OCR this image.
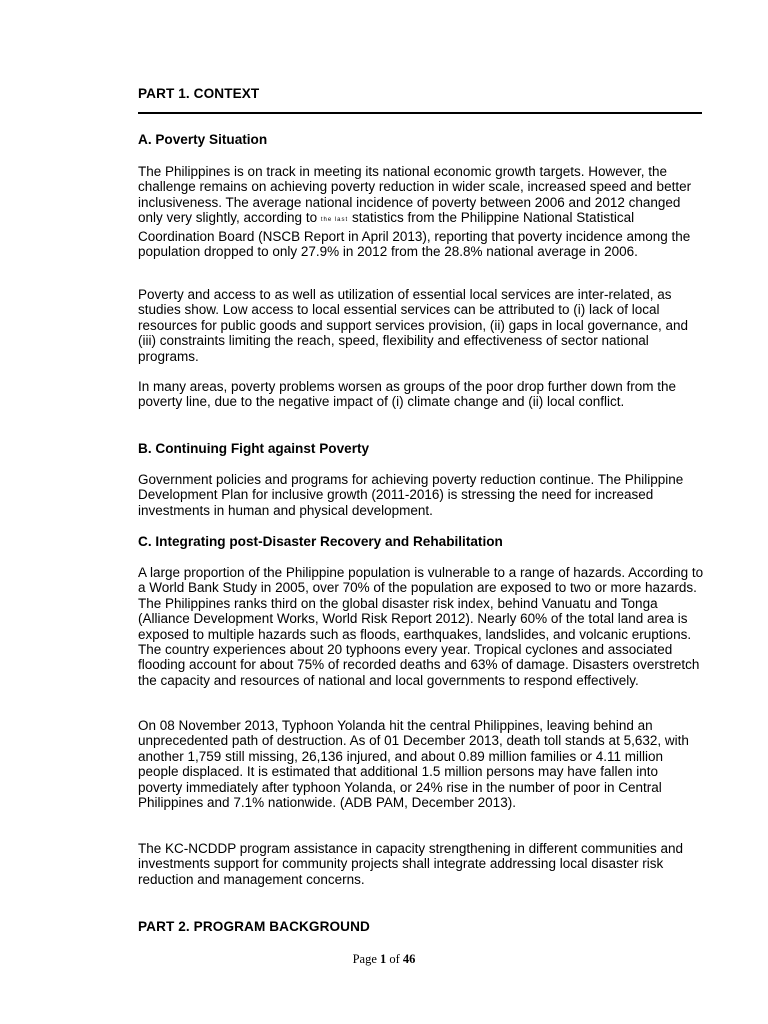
PART 1. CONTEXT
A. Poverty Situation
The Philippines is on track in meeting its national economic growth targets. However, the challenge remains on achieving poverty reduction in wider scale, increased speed and better inclusiveness. The average national incidence of poverty between 2006 and 2012 changed only very slightly, according to the last statistics from the Philippine National Statistical Coordination Board (NSCB Report in April 2013), reporting that poverty incidence among the population dropped to only 27.9% in 2012 from the 28.8% national average in 2006.
Poverty and access to as well as utilization of essential local services are inter-related, as studies show. Low access to local essential services can be attributed to (i) lack of local resources for public goods and support services provision, (ii) gaps in local governance, and (iii) constraints limiting the reach, speed, flexibility and effectiveness of sector national programs.
In many areas, poverty problems worsen as groups of the poor drop further down from the poverty line, due to the negative impact of (i) climate change and (ii) local conflict.
B. Continuing Fight against Poverty
Government policies and programs for achieving poverty reduction continue. The Philippine Development Plan for inclusive growth (2011-2016) is stressing the need for increased investments in human and physical development.
C. Integrating post-Disaster Recovery and Rehabilitation
A large proportion of the Philippine population is vulnerable to a range of hazards. According to a World Bank Study in 2005, over 70% of the population are exposed to two or more hazards. The Philippines ranks third on the global disaster risk index, behind Vanuatu and Tonga (Alliance Development Works, World Risk Report 2012). Nearly 60% of the total land area is exposed to multiple hazards such as floods, earthquakes, landslides, and volcanic eruptions. The country experiences about 20 typhoons every year. Tropical cyclones and associated flooding account for about 75% of recorded deaths and 63% of damage. Disasters overstretch the capacity and resources of national and local governments to respond effectively.
On 08 November 2013, Typhoon Yolanda hit the central Philippines, leaving behind an unprecedented path of destruction. As of 01 December 2013, death toll stands at 5,632, with another 1,759 still missing, 26,136 injured, and about 0.89 million families or 4.11 million people displaced. It is estimated that additional 1.5 million persons may have fallen into poverty immediately after typhoon Yolanda, or 24% rise in the number of poor in Central Philippines and 7.1% nationwide. (ADB PAM, December 2013).
The KC-NCDDP program assistance in capacity strengthening in different communities and investments support for community projects shall integrate addressing local disaster risk reduction and management concerns.
PART 2. PROGRAM BACKGROUND
Page 1 of 46
